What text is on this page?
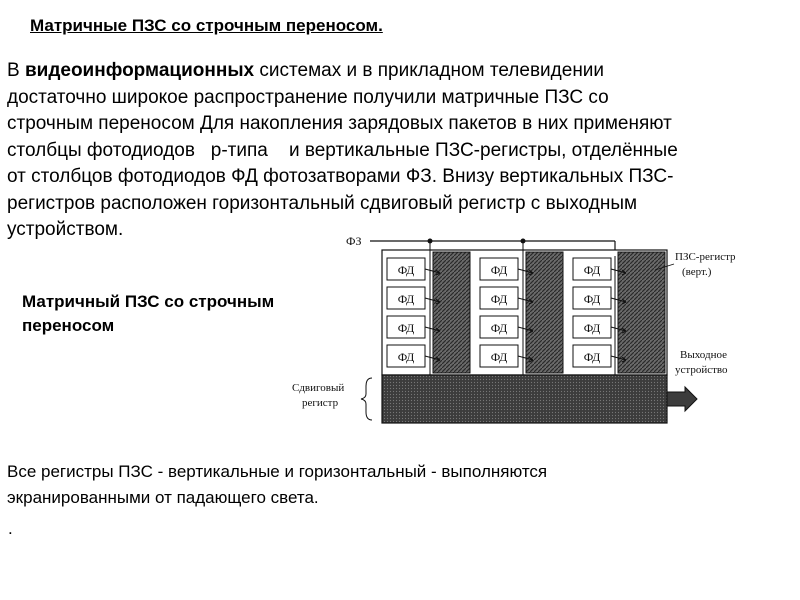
Матричные ПЗС со строчным переносом.

В видеоинформационных системах и в прикладном телевидении

достаточно широкое распространение получили матричные ПЗС со

строчным переносом Для накопления зарядовых пакетов в них применяют

столбцы фотодиодов   р-типа    и вертикальные ПЗС-регистры, отделённые

от столбцов фотодиодов ФД фотозатворами ФЗ. Внизу вертикальных ПЗС-

регистров расположен горизонтальный сдвиговый регистр с выходным

устройством.

Матричный ПЗС со строчным
переносом
ФЗ
ФД
ФД
ФД
ФД
ФД
ФД
ФД
ФД
ФД
ФД
ФД
ФД
ПЗС-регистр
(верт.)
Выходное
устройство
Сдвиговый
регистр

Все регистры ПЗС - вертикальные и горизонтальный - выполняются

экранированными от падающего света.

.
